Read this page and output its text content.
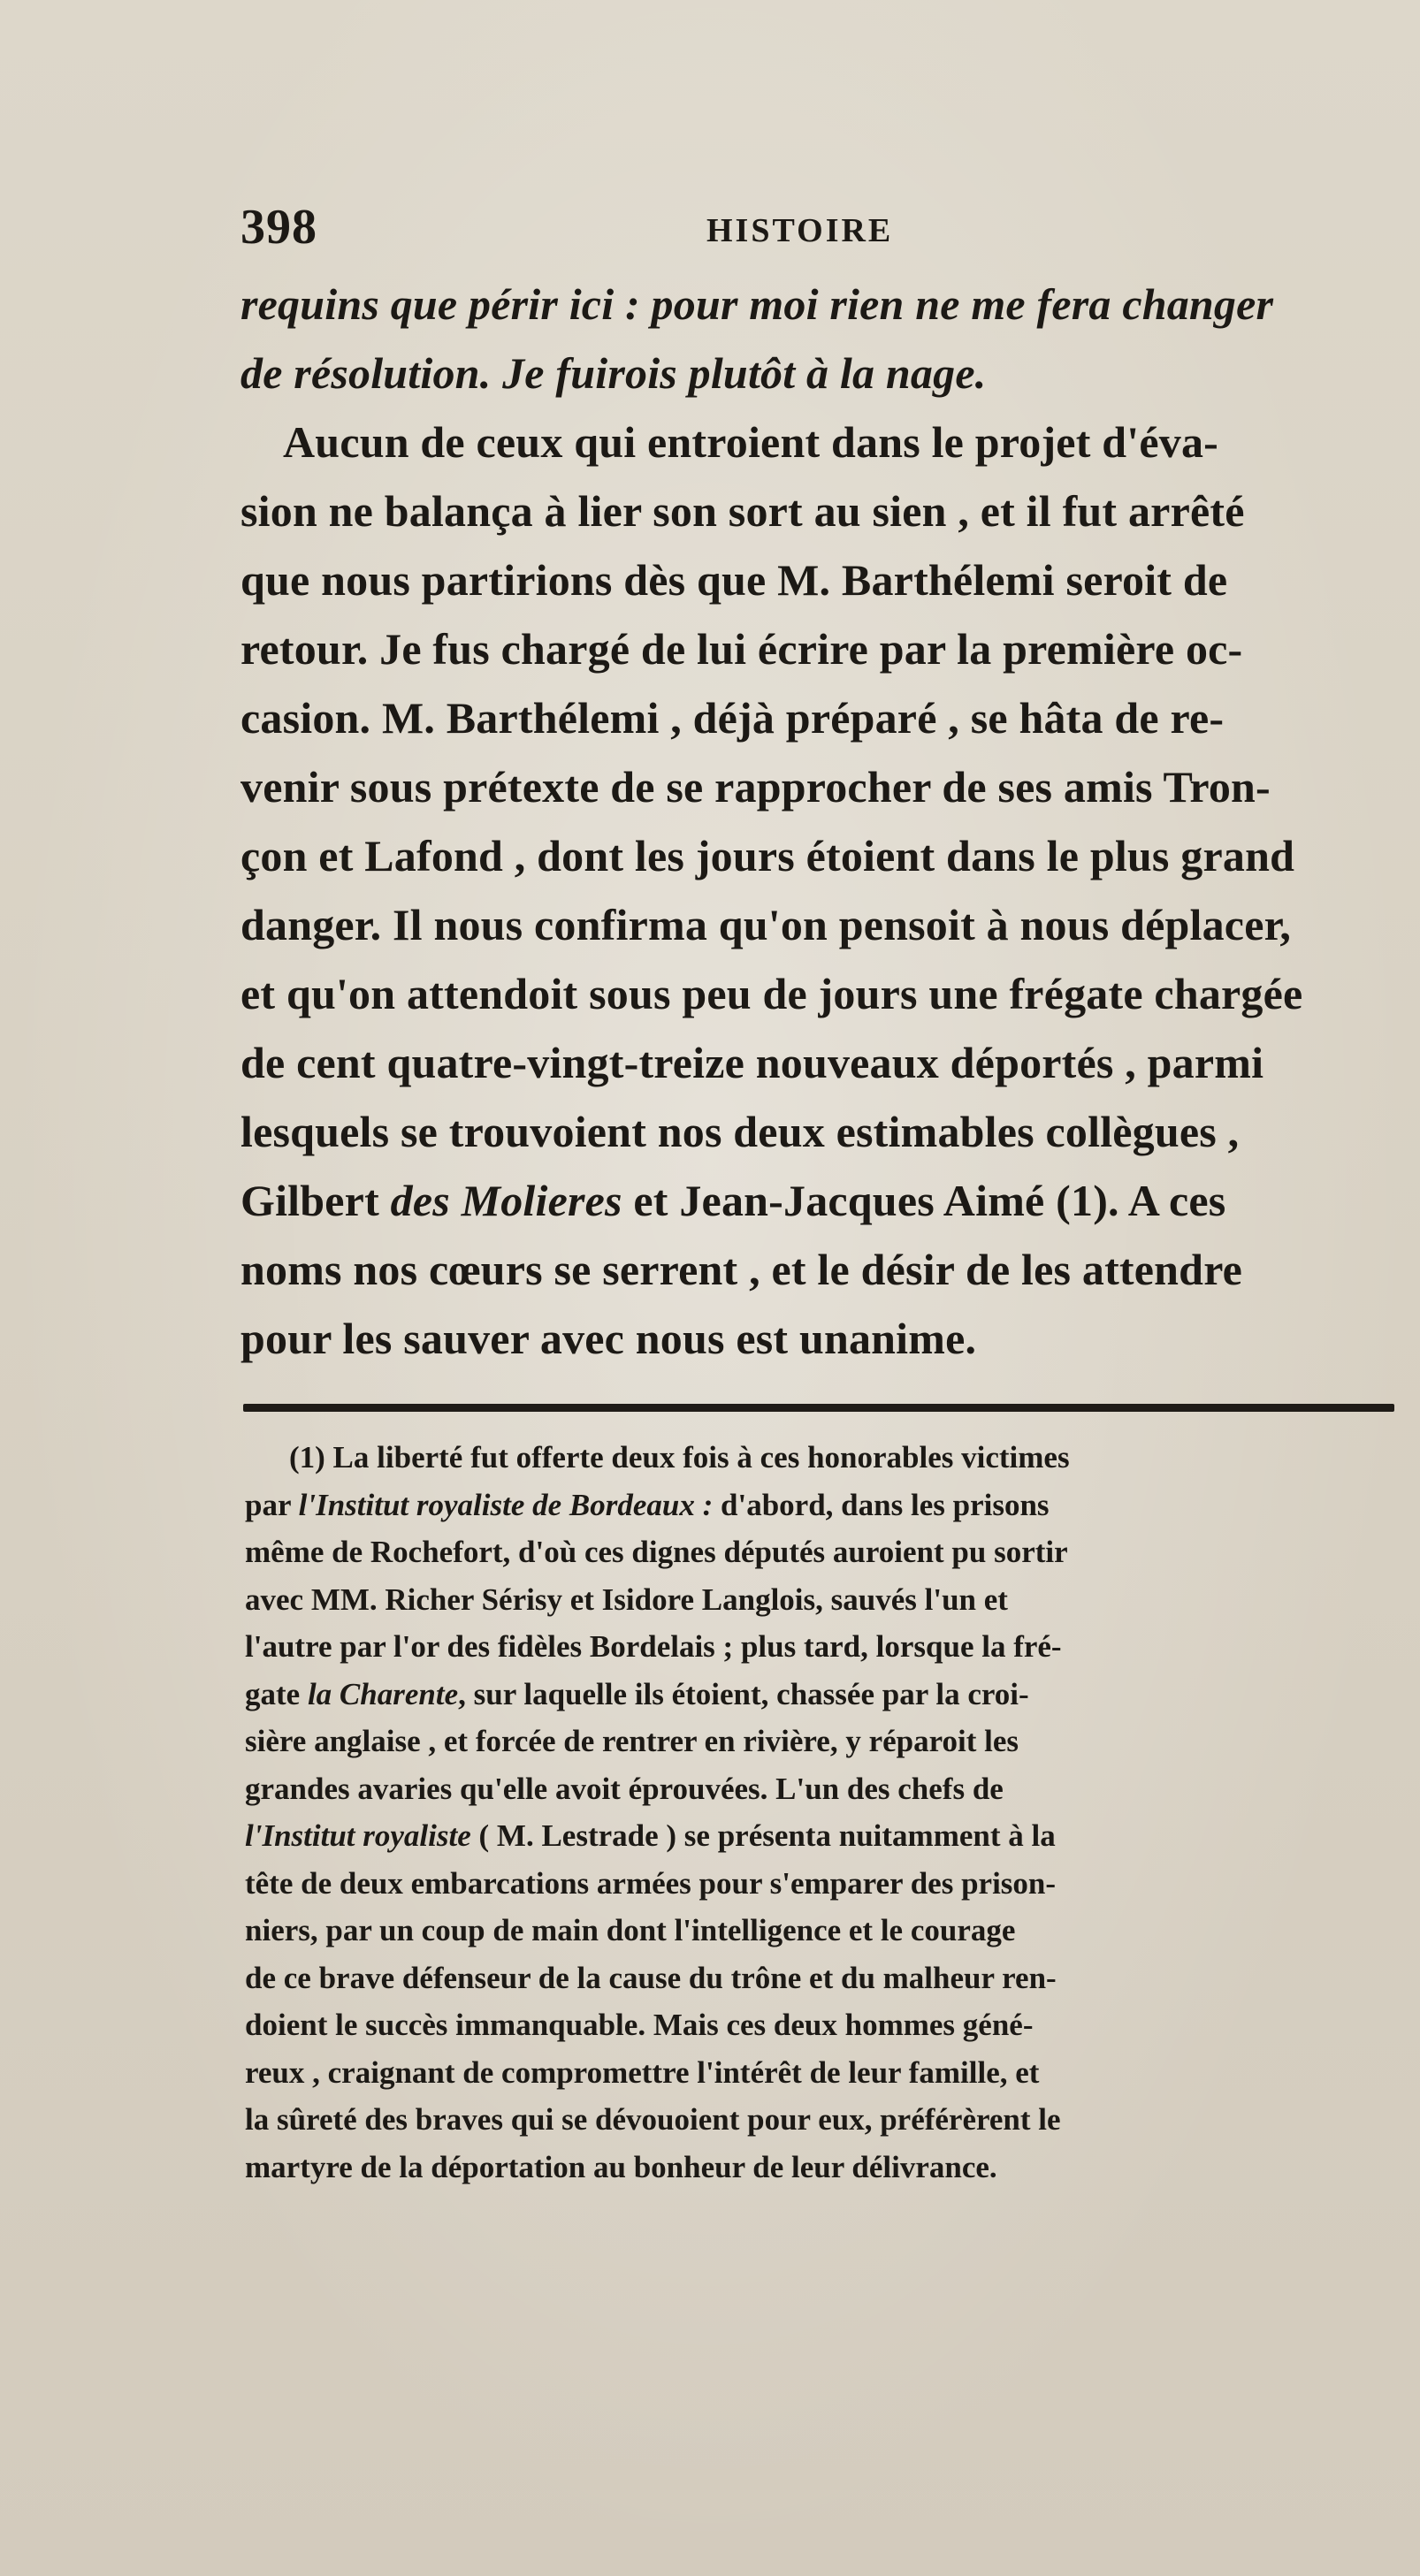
398	HISTOIRE
requins que périr ici : pour moi rien ne me fera changer
de résolution. Je fuirois plutôt à la nage.
Aucun de ceux qui entroient dans le projet d'éva-
sion ne balança à lier son sort au sien , et il fut arrêté
que nous partirions dès que M. Barthélemi seroit de
retour. Je fus chargé de lui écrire par la première oc-
casion. M. Barthélemi , déjà préparé , se hâta de re-
venir sous prétexte de se rapprocher de ses amis Tron-
çon et Lafond , dont les jours étoient dans le plus grand
danger. Il nous confirma qu'on pensoit à nous déplacer,
et qu'on attendoit sous peu de jours une frégate chargée
de cent quatre-vingt-treize nouveaux déportés , parmi
lesquels se trouvoient nos deux estimables collègues ,
Gilbert des Molieres et Jean-Jacques Aimé (1). A ces
noms nos cœurs se serrent , et le désir de les attendre
pour les sauver avec nous est unanime.
(1) La liberté fut offerte deux fois à ces honorables victimes
par l'Institut royaliste de Bordeaux : d'abord, dans les prisons
même de Rochefort, d'où ces dignes députés auroient pu sortir
avec MM. Richer Sérisy et Isidore Langlois, sauvés l'un et
l'autre par l'or des fidèles Bordelais ; plus tard, lorsque la fré-
gate la Charente, sur laquelle ils étoient, chassée par la croi-
sière anglaise , et forcée de rentrer en rivière, y réparoit les
grandes avaries qu'elle avoit éprouvées. L'un des chefs de
l'Institut royaliste ( M. Lestrade ) se présenta nuitamment à la
tête de deux embarcations armées pour s'emparer des prison-
niers, par un coup de main dont l'intelligence et le courage
de ce brave défenseur de la cause du trône et du malheur ren-
doient le succès immanquable. Mais ces deux hommes géné-
reux , craignant de compromettre l'intérêt de leur famille, et
la sûreté des braves qui se dévouoient pour eux, préférèrent le
martyre de la déportation au bonheur de leur délivrance.
